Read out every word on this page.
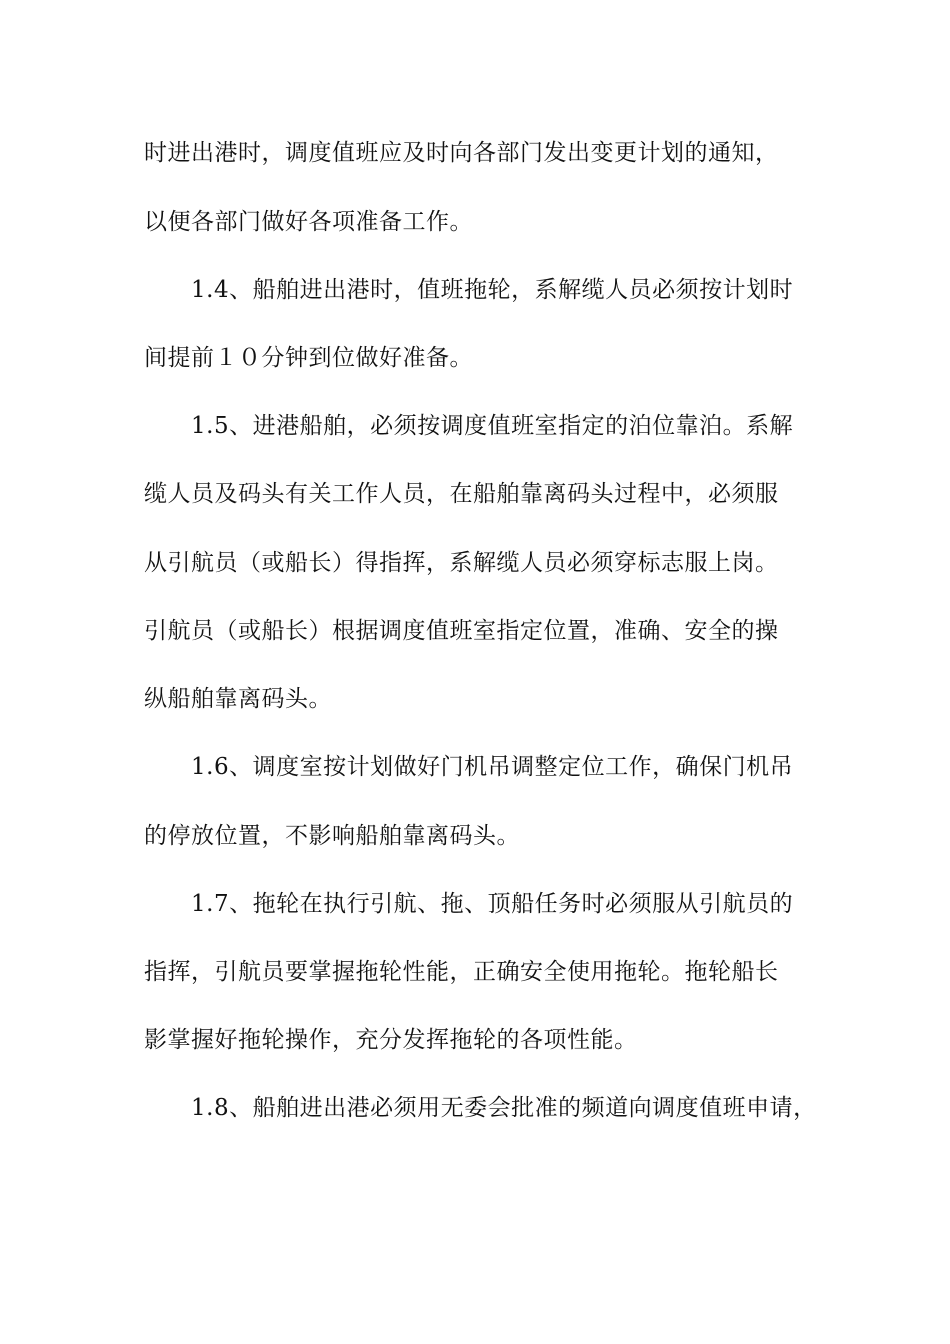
时进出港时，调度值班应及时向各部门发出变更计划的通知，
以便各部门做好各项准备工作。
1.4、船舶进出港时，值班拖轮，系解缆人员必须按计划时
间提前１０分钟到位做好准备。
1.5、进港船舶，必须按调度值班室指定的泊位靠泊。系解
缆人员及码头有关工作人员，在船舶靠离码头过程中，必须服
从引航员（或船长）得指挥，系解缆人员必须穿标志服上岗。
引航员（或船长）根据调度值班室指定位置，准确、安全的操
纵船舶靠离码头。
1.6、调度室按计划做好门机吊调整定位工作，确保门机吊
的停放位置，不影响船舶靠离码头。
1.7、拖轮在执行引航、拖、顶船任务时必须服从引航员的
指挥，引航员要掌握拖轮性能，正确安全使用拖轮。拖轮船长
影掌握好拖轮操作，充分发挥拖轮的各项性能。
1.8、船舶进出港必须用无委会批准的频道向调度值班申请，
